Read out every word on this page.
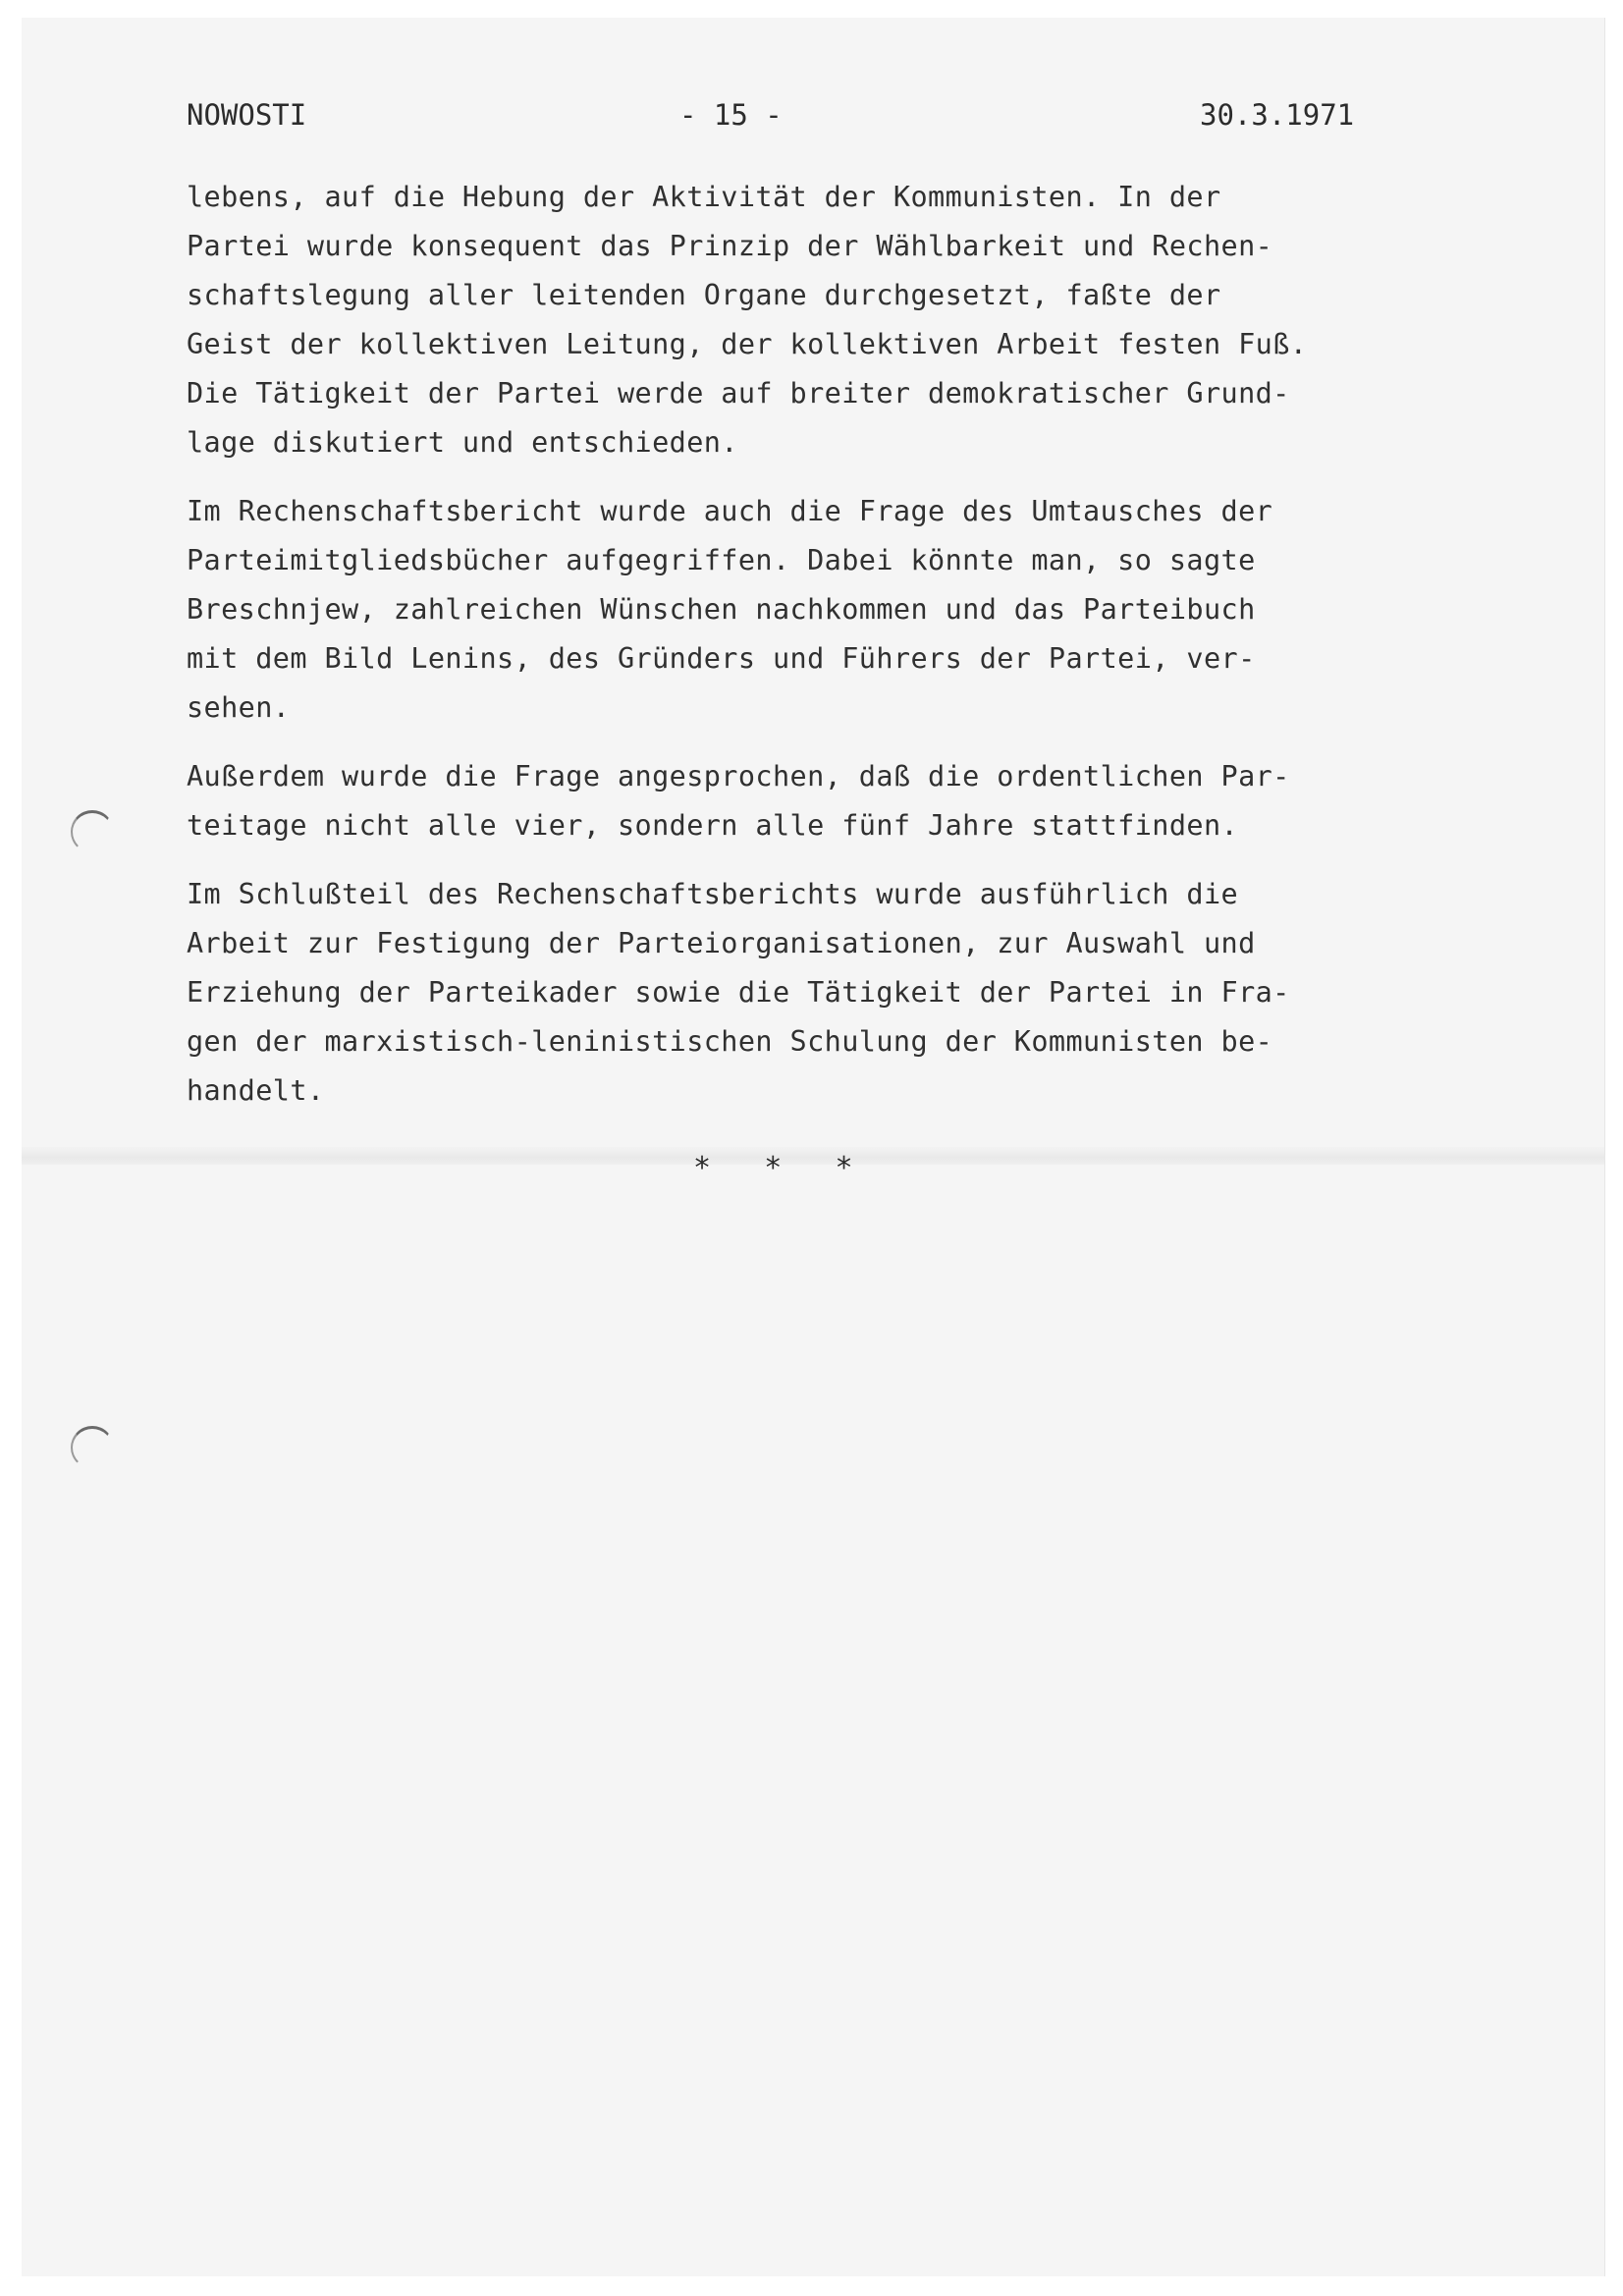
NOWOSTI	- 15 -	30.3.1971
lebens, auf die Hebung der Aktivität der Kommunisten. In der
Partei wurde konsequent das Prinzip der Wählbarkeit und Rechen-
schaftslegung aller leitenden Organe durchgesetzt, faßte der
Geist der kollektiven Leitung, der kollektiven Arbeit festen Fuß.
Die Tätigkeit der Partei werde auf breiter demokratischer Grund-
lage diskutiert und entschieden.
Im Rechenschaftsbericht wurde auch die Frage des Umtausches der
Parteimitgliedsbücher aufgegriffen. Dabei könnte man, so sagte
Breschnjew, zahlreichen Wünschen nachkommen und das Parteibuch
mit dem Bild Lenins, des Gründers und Führers der Partei, ver-
sehen.
Außerdem wurde die Frage angesprochen, daß die ordentlichen Par-
teitage nicht alle vier, sondern alle fünf Jahre stattfinden.
Im Schlußteil des Rechenschaftsberichts wurde ausführlich die
Arbeit zur Festigung der Parteiorganisationen, zur Auswahl und
Erziehung der Parteikader sowie die Tätigkeit der Partei in Fra-
gen der marxistisch-leninistischen Schulung der Kommunisten be-
handelt.
*   *   *
